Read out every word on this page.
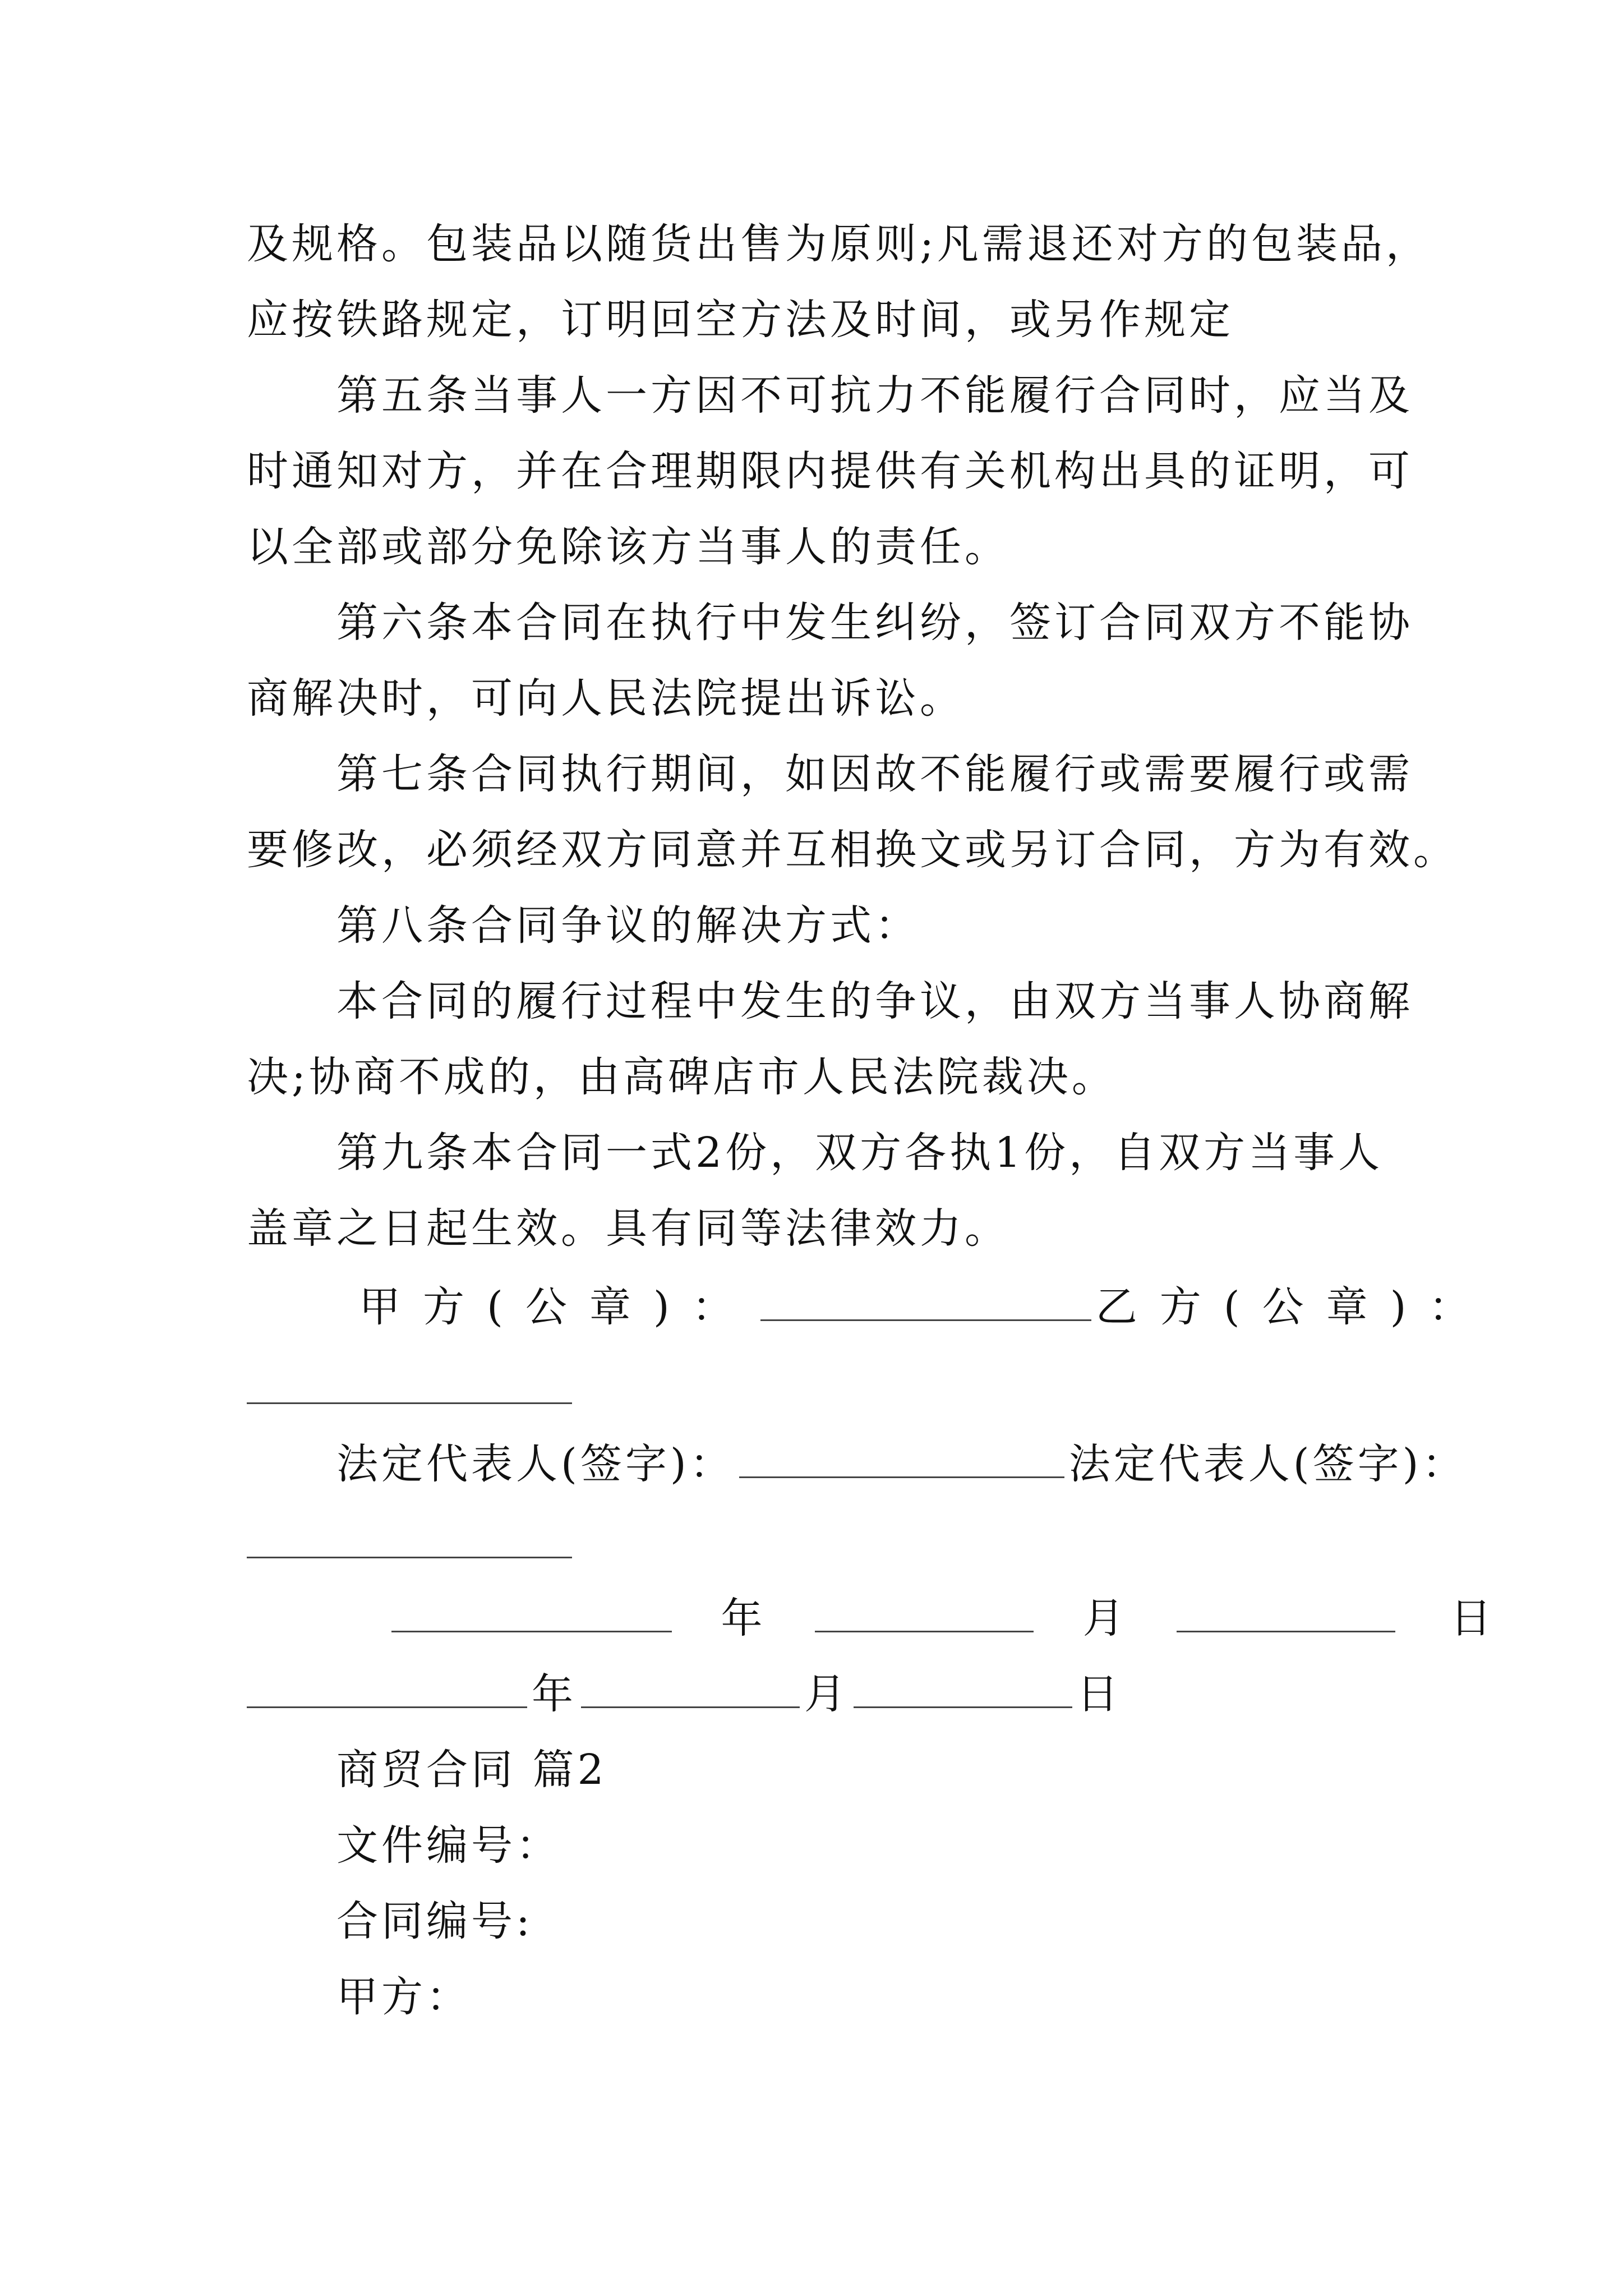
及规格。包装品以随货出售为原则;凡需退还对方的包装品，
应按铁路规定，订明回空方法及时间，或另作规定
第五条当事人一方因不可抗力不能履行合同时，应当及
时通知对方，并在合理期限内提供有关机构出具的证明，可
以全部或部分免除该方当事人的责任。
第六条本合同在执行中发生纠纷，签订合同双方不能协
商解决时，可向人民法院提出诉讼。
第七条合同执行期间，如因故不能履行或需要履行或需
要修改，必须经双方同意并互相换文或另订合同，方为有效。
第八条合同争议的解决方式：
本合同的履行过程中发生的争议，由双方当事人协商解
决;协商不成的，由高碑店市人民法院裁决。
第九条本合同一式2份，双方各执1份，自双方当事人
盖章之日起生效。具有同等法律效力。
甲方(公章)：	乙方(公章)：
法定代表人(签字)：	法定代表人(签字)：
年	月	日
年	月	日
商贸合同 篇2
文件编号：
合同编号:
甲方：
